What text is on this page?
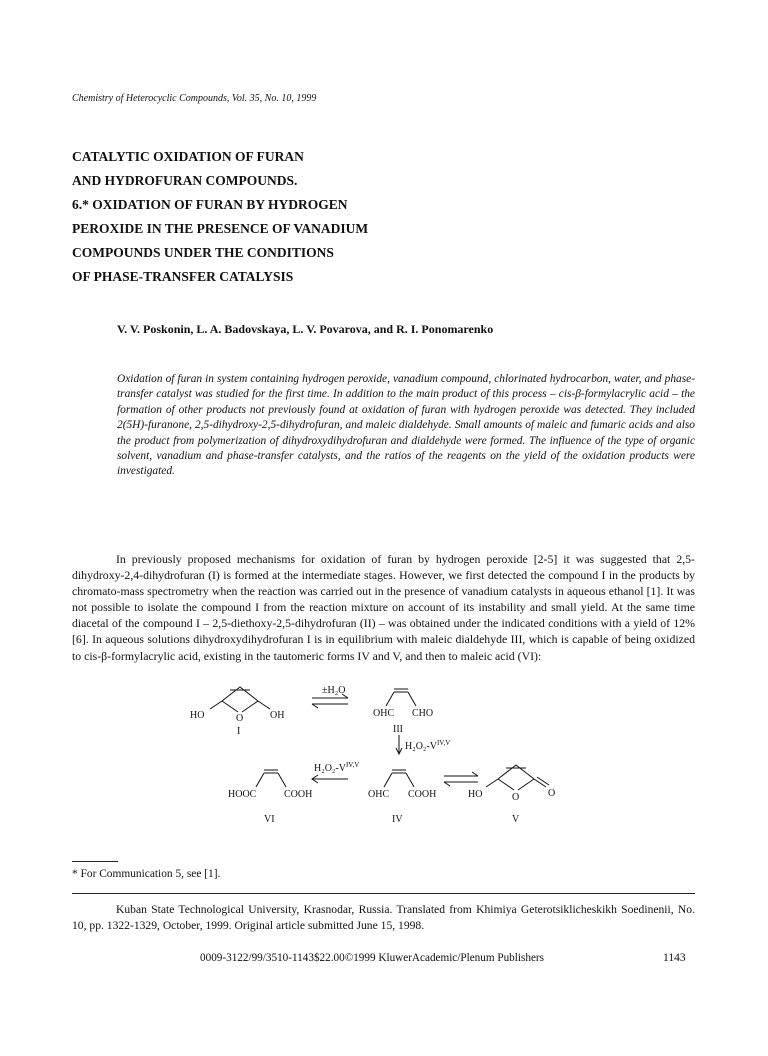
Chemistry of Heterocyclic Compounds, Vol. 35, No. 10, 1999
CATALYTIC OXIDATION OF FURAN
AND HYDROFURAN COMPOUNDS.
6.* OXIDATION OF FURAN BY HYDROGEN
PEROXIDE IN THE PRESENCE OF VANADIUM
COMPOUNDS UNDER THE CONDITIONS
OF PHASE-TRANSFER CATALYSIS
V. V. Poskonin, L. A. Badovskaya, L. V. Povarova, and R. I. Ponomarenko

Oxidation of furan in system containing hydrogen peroxide, vanadium compound, chlorinated hydrocarbon, water, and phase-transfer catalyst was studied for the first time. In addition to the main product of this process – cis-β-formylacrylic acid – the formation of other products not previously found at oxidation of furan with hydrogen peroxide was detected. They included 2(5H)-furanone, 2,5-dihydroxy-2,5-dihydrofuran, and maleic dialdehyde. Small amounts of maleic and fumaric acids and also the product from polymerization of dihydroxydihydrofuran and dialdehyde were formed. The influence of the type of organic solvent, vanadium and phase-transfer catalysts, and the ratios of the reagents on the yield of the oxidation products were investigated.

In previously proposed mechanisms for oxidation of furan by hydrogen peroxide [2-5] it was suggested that 2,5-dihydroxy-2,4-dihydrofuran (I) is formed at the intermediate stages. However, we first detected the compound I in the products by chromato-mass spectrometry when the reaction was carried out in the presence of vanadium catalysts in aqueous ethanol [1]. It was not possible to isolate the compound I from the reaction mixture on account of its instability and small yield. At the same time diacetal of the compound I – 2,5-diethoxy-2,5-dihydrofuran (II) – was obtained under the indicated conditions with a yield of 12% [6]. In aqueous solutions dihydroxydihydrofuran I is in equilibrium with maleic dialdehyde III, which is capable of being oxidized to cis-β-formylacrylic acid, existing in the tautomeric forms IV and V, and then to maleic acid (VI):

HO	O	OH
I
±H₂O
OHC CHO
III
H₂O₂-$V^{IV,V}$
H₂O₂-$V^{IV,V}$
HOOC	COOH
VI
OHC COOH
IV
HO	O	O
V
* For Communication 5, see [1].

Kuban State Technological University, Krasnodar, Russia. Translated from Khimiya Geterotsiklicheskikh Soedinenii, No. 10, pp. 1322-1329, October, 1999. Original article submitted June 15, 1998.

0009-3122/99/3510-1143$22.00©1999 KluwerAcademic/Plenum Publishers	1143
